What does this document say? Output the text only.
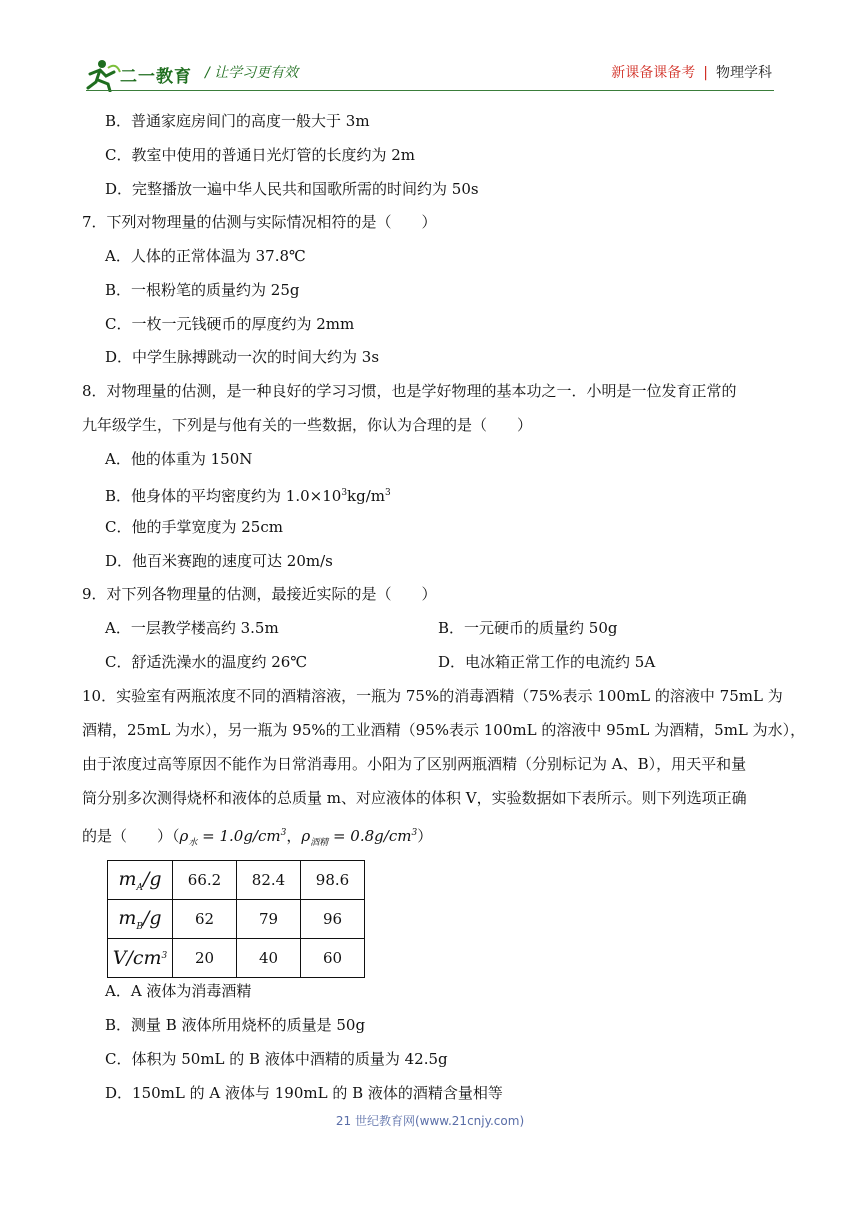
二一教育 / 让学习更有效	新课备课备考 | 物理学科
B．普通家庭房间门的高度一般大于 3m
C．教室中使用的普通日光灯管的长度约为 2m
D．完整播放一遍中华人民共和国歌所需的时间约为 50s
7．下列对物理量的估测与实际情况相符的是（　　）
A．人体的正常体温为 37.8℃
B．一根粉笔的质量约为 25g
C．一枚一元钱硬币的厚度约为 2mm
D．中学生脉搏跳动一次的时间大约为 3s
8．对物理量的估测，是一种良好的学习习惯，也是学好物理的基本功之一．小明是一位发育正常的
九年级学生，下列是与他有关的一些数据，你认为合理的是（　　）
A．他的体重为 150N
B．他身体的平均密度约为 $1.0\times 10^3kg/m^3$
C．他的手掌宽度为 25cm
D．他百米赛跑的速度可达 20m/s
9．对下列各物理量的估测，最接近实际的是（　　）
A．一层教学楼高约 3.5m	B．一元硬币的质量约 50g
C．舒适洗澡水的温度约 26℃	D．电冰箱正常工作的电流约 5A
10．实验室有两瓶浓度不同的酒精溶液，一瓶为 75%的消毒酒精（75%表示 100mL 的溶液中 75mL 为
酒精，25mL 为水），另一瓶为 95%的工业酒精（95%表示 100mL 的溶液中 95mL 为酒精，5mL 为水），
由于浓度过高等原因不能作为日常消毒用。小阳为了区别两瓶酒精（分别标记为 A、B），用天平和量
筒分别多次测得烧杯和液体的总质量 m、对应液体的体积 V，实验数据如下表所示。则下列选项正确
的是（　　）（$\rho_水 = 1.0g/cm^3$，$\rho_{酒精} = 0.8g/cm^3$）
$m_A/g$	66.2	82.4	98.6
$m_B/g$	62	79	96
$V/cm^3$	20	40	60
A．A 液体为消毒酒精
B．测量 B 液体所用烧杯的质量是 50g
C．体积为 50mL 的 B 液体中酒精的质量为 42.5g
D．150mL 的 A 液体与 190mL 的 B 液体的酒精含量相等
21 世纪教育网(www.21cnjy.com)
